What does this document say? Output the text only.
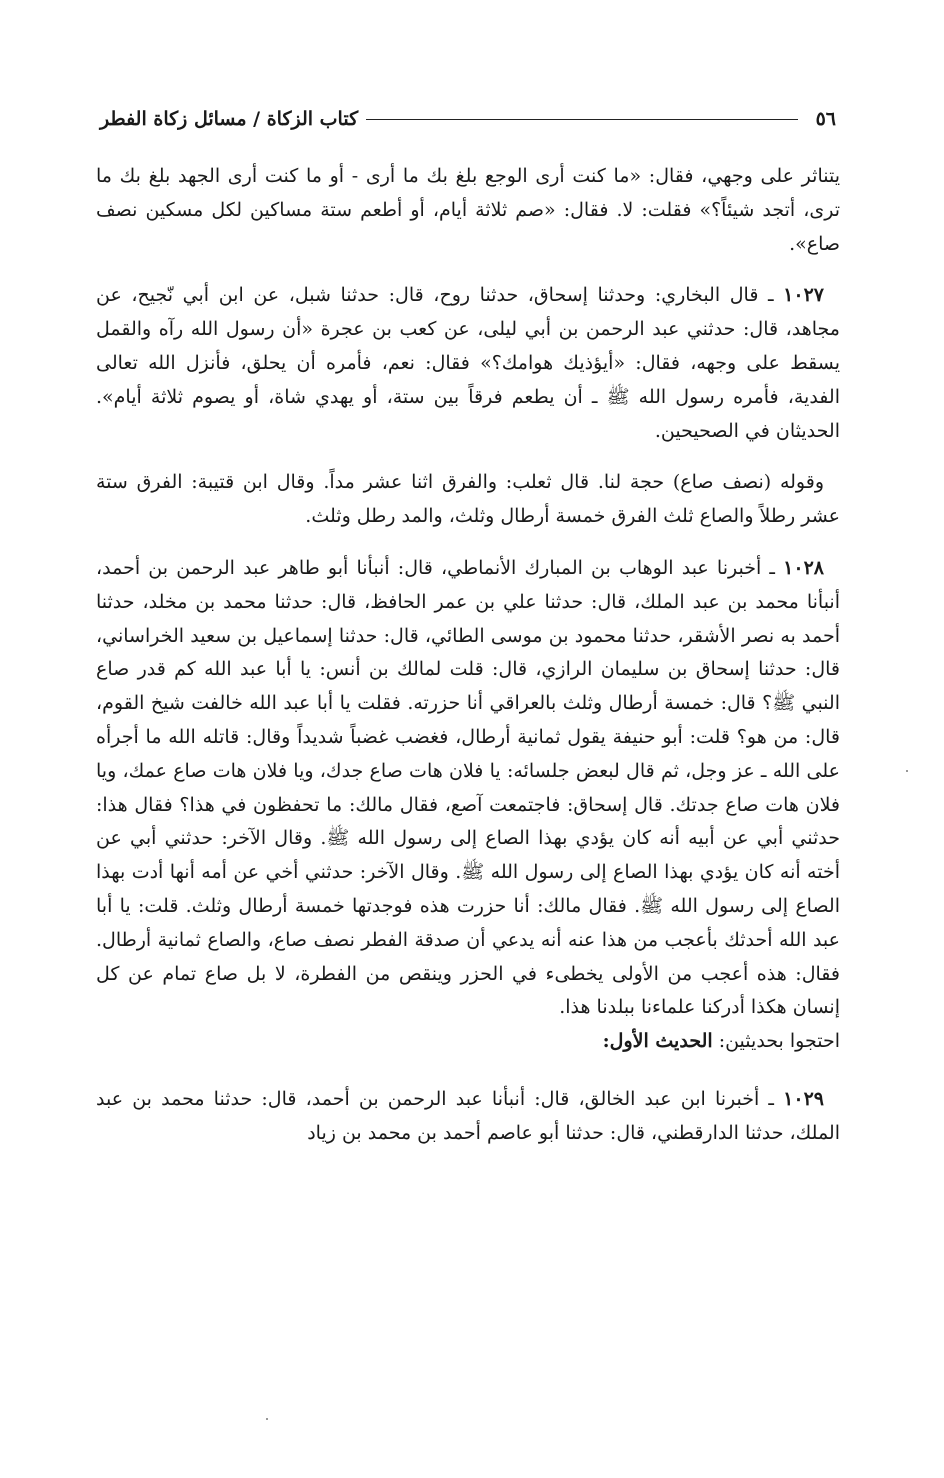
٥٦
كتاب الزكاة / مسائل زكاة الفطر

يتناثر على وجهي، فقال: «ما كنت أرى الوجع بلغ بك ما أرى - أو ما كنت أرى الجهد بلغ بك ما ترى، أتجد شيئاً؟» فقلت: لا. فقال: «صم ثلاثة أيام، أو أطعم ستة مساكين لكل مسكين نصف صاع».

١٠٢٧ ـ قال البخاري: وحدثنا إسحاق، حدثنا روح، قال: حدثنا شبل، عن ابن أبي نّجيح، عن مجاهد، قال: حدثني عبد الرحمن بن أبي ليلى، عن كعب بن عجرة «أن رسول الله رآه والقمل يسقط على وجهه، فقال: «أيؤذيك هوامك؟» فقال: نعم، فأمره أن يحلق، فأنزل الله تعالى الفدية، فأمره رسول الله ﷺ ـ أن يطعم فرقاً بين ستة، أو يهدي شاة، أو يصوم ثلاثة أيام». الحديثان في الصحيحين.

وقوله (نصف صاع) حجة لنا. قال ثعلب: والفرق اثنا عشر مداً. وقال ابن قتيبة: الفرق ستة عشر رطلاً والصاع ثلث الفرق خمسة أرطال وثلث، والمد رطل وثلث.

١٠٢٨ ـ أخبرنا عبد الوهاب بن المبارك الأنماطي، قال: أنبأنا أبو طاهر عبد الرحمن بن أحمد، أنبأنا محمد بن عبد الملك، قال: حدثنا علي بن عمر الحافظ، قال: حدثنا محمد بن مخلد، حدثنا أحمد به نصر الأشقر، حدثنا محمود بن موسى الطائي، قال: حدثنا إسماعيل بن سعيد الخراساني، قال: حدثنا إسحاق بن سليمان الرازي، قال: قلت لمالك بن أنس: يا أبا عبد الله كم قدر صاع النبي ﷺ؟ قال: خمسة أرطال وثلث بالعراقي أنا حزرته. فقلت يا أبا عبد الله خالفت شيخ القوم، قال: من هو؟ قلت: أبو حنيفة يقول ثمانية أرطال، فغضب غضباً شديداً وقال: قاتله الله ما أجرأه على الله ـ عز وجل، ثم قال لبعض جلسائه: يا فلان هات صاع جدك، ويا فلان هات صاع عمك، ويا فلان هات صاع جدتك. قال إسحاق: فاجتمعت آصع، فقال مالك: ما تحفظون في هذا؟ فقال هذا: حدثني أبي عن أبيه أنه كان يؤدي بهذا الصاع إلى رسول الله ﷺ. وقال الآخر: حدثني أبي عن أخته أنه كان يؤدي بهذا الصاع إلى رسول الله ﷺ. وقال الآخر: حدثني أخي عن أمه أنها أدت بهذا الصاع إلى رسول الله ﷺ. فقال مالك: أنا حزرت هذه فوجدتها خمسة أرطال وثلث. قلت: يا أبا عبد الله أحدثك بأعجب من هذا عنه أنه يدعي أن صدقة الفطر نصف صاع، والصاع ثمانية أرطال. فقال: هذه أعجب من الأولى يخطىء في الحزر وينقص من الفطرة، لا بل صاع تمام عن كل إنسان هكذا أدركنا علماءنا ببلدنا هذا.

احتجوا بحديثين: الحديث الأول:

١٠٢٩ ـ أخبرنا ابن عبد الخالق، قال: أنبأنا عبد الرحمن بن أحمد، قال: حدثنا محمد بن عبد الملك، حدثنا الدارقطني، قال: حدثنا أبو عاصم أحمد بن محمد بن زياد
